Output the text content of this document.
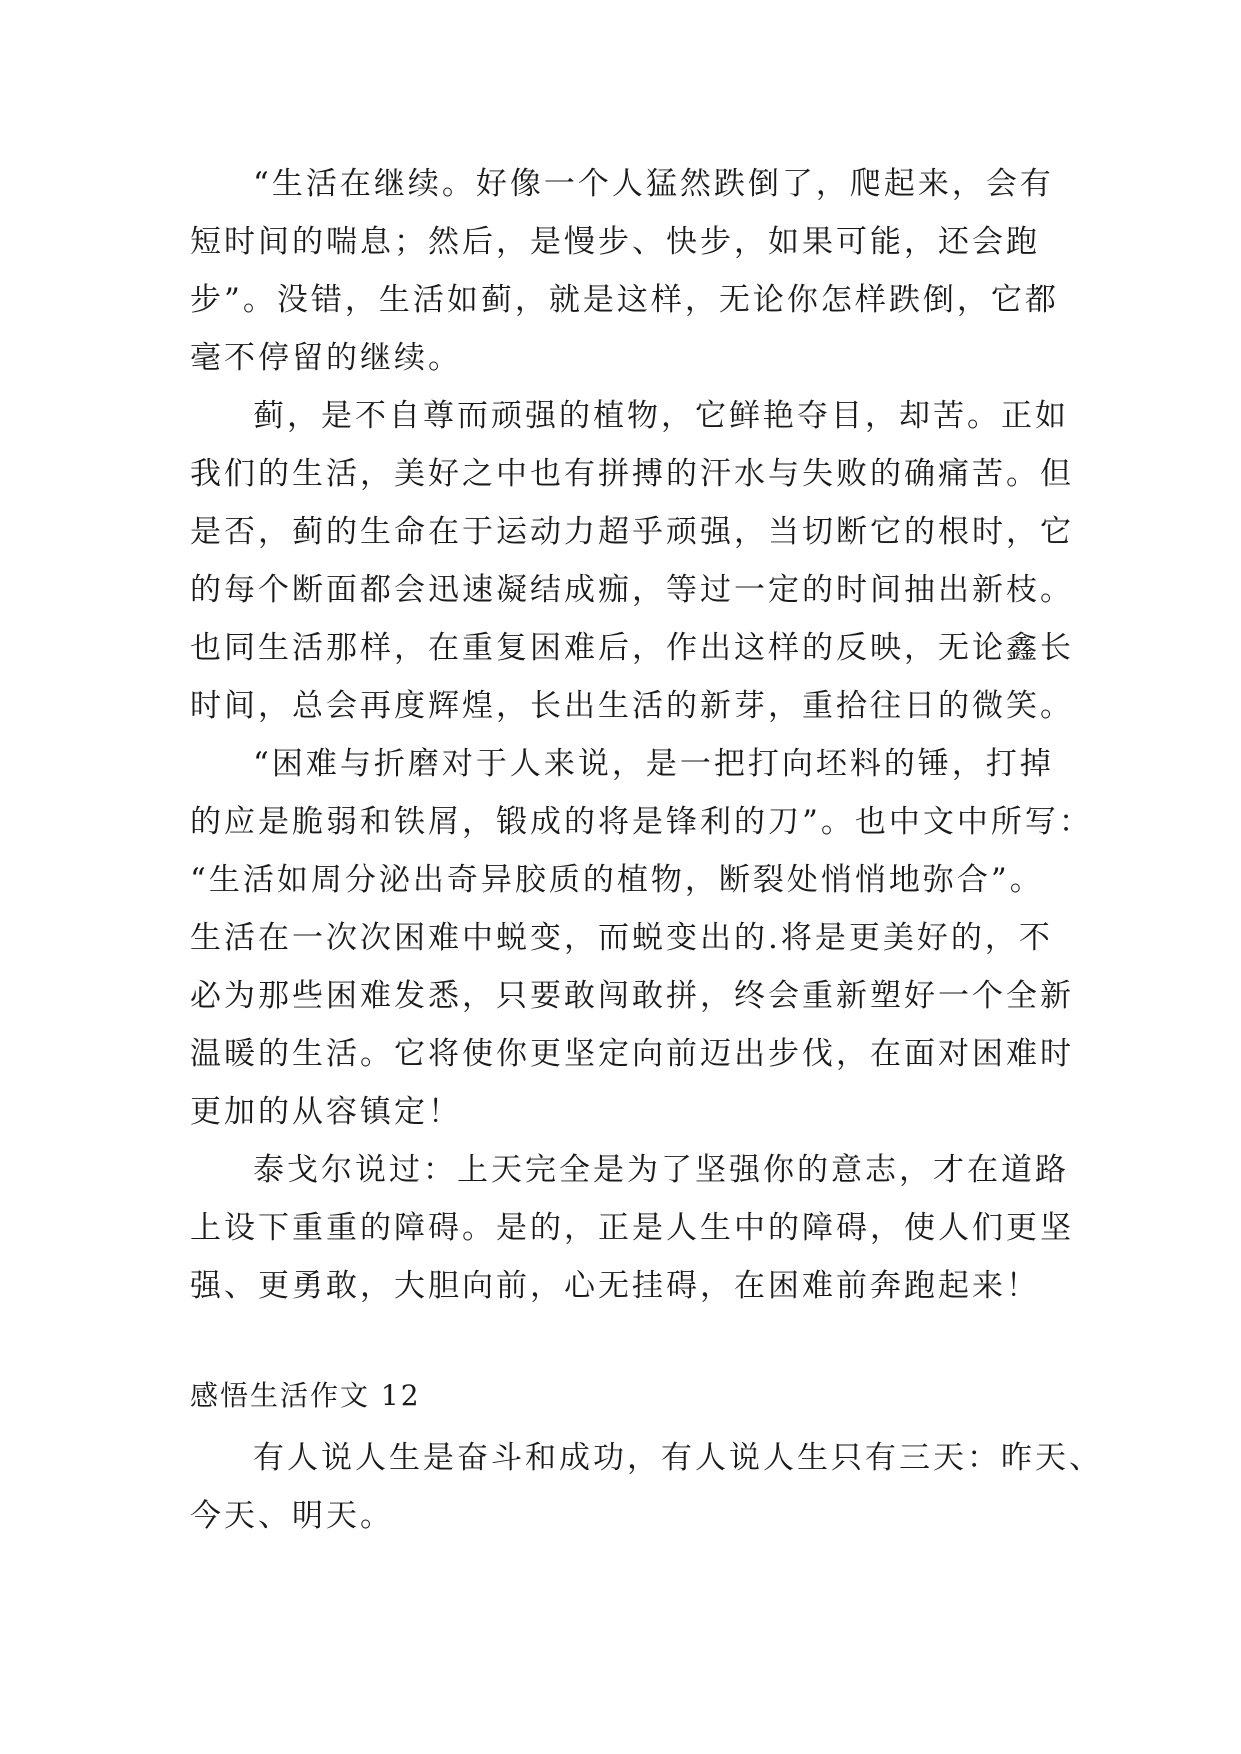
“生活在继续。好像一个人猛然跌倒了，爬起来，会有
短时间的喘息；然后，是慢步、快步，如果可能，还会跑
步”。没错，生活如蓟，就是这样，无论你怎样跌倒，它都
毫不停留的继续。
蓟，是不自尊而顽强的植物，它鲜艳夺目，却苦。正如
我们的生活，美好之中也有拼搏的汗水与失败的确痛苦。但
是否，蓟的生命在于运动力超乎顽强，当切断它的根时，它
的每个断面都会迅速凝结成痂，等过一定的时间抽出新枝。
也同生活那样，在重复困难后，作出这样的反映，无论鑫长
时间，总会再度辉煌，长出生活的新芽，重拾往日的微笑。
“困难与折磨对于人来说，是一把打向坯料的锤，打掉
的应是脆弱和铁屑，锻成的将是锋利的刀”。也中文中所写：
“生活如周分泌出奇异胶质的植物，断裂处悄悄地弥合”。
生活在一次次困难中蜕变，而蜕变出的.将是更美好的，不
必为那些困难发悉，只要敢闯敢拼，终会重新塑好一个全新
温暖的生活。它将使你更坚定向前迈出步伐，在面对困难时
更加的从容镇定！
泰戈尔说过：上天完全是为了坚强你的意志，才在道路
上设下重重的障碍。是的，正是人生中的障碍，使人们更坚
强、更勇敢，大胆向前，心无挂碍，在困难前奔跑起来！
感悟生活作文 12
有人说人生是奋斗和成功，有人说人生只有三天：昨天、
今天、明天。
